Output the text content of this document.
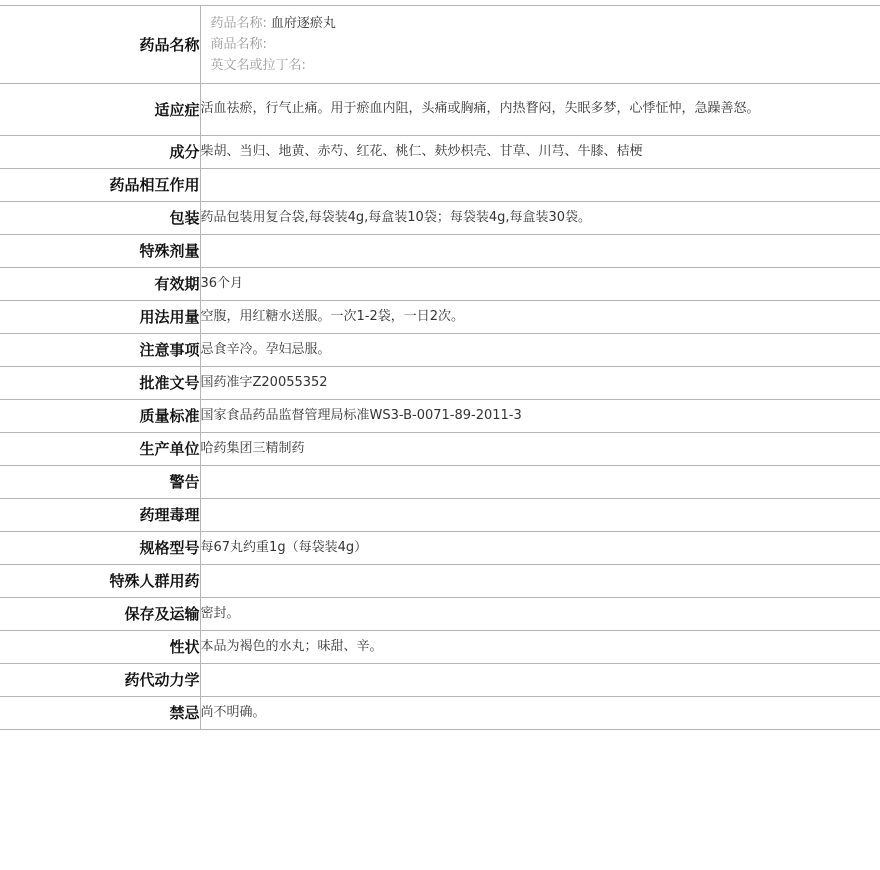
药品名称	药品名称: 血府逐瘀丸
商品名称:
英文名或拉丁名:

适应症	活血祛瘀，行气止痛。用于瘀血内阻，头痛或胸痛，内热瞀闷，失眠多梦，心悸怔忡，急躁善怒。
成分	柴胡、当归、地黄、赤芍、红花、桃仁、麸炒枳壳、甘草、川芎、牛膝、桔梗
药品相互作用	
包装	药品包装用复合袋,每袋装4g,每盒装10袋；每袋装4g,每盒装30袋。
特殊剂量	
有效期	36个月
用法用量	空腹，用红糖水送服。一次1-2袋，一日2次。
注意事项	忌食辛冷。孕妇忌服。
批准文号	国药准字Z20055352
质量标准	国家食品药品监督管理局标准WS3-B-0071-89-2011-3
生产单位	哈药集团三精制药
警告	
药理毒理	
规格型号	每67丸约重1g（每袋装4g）
特殊人群用药	
保存及运输	密封。
性状	本品为褐色的水丸；味甜、辛。
药代动力学	
禁忌	尚不明确。
